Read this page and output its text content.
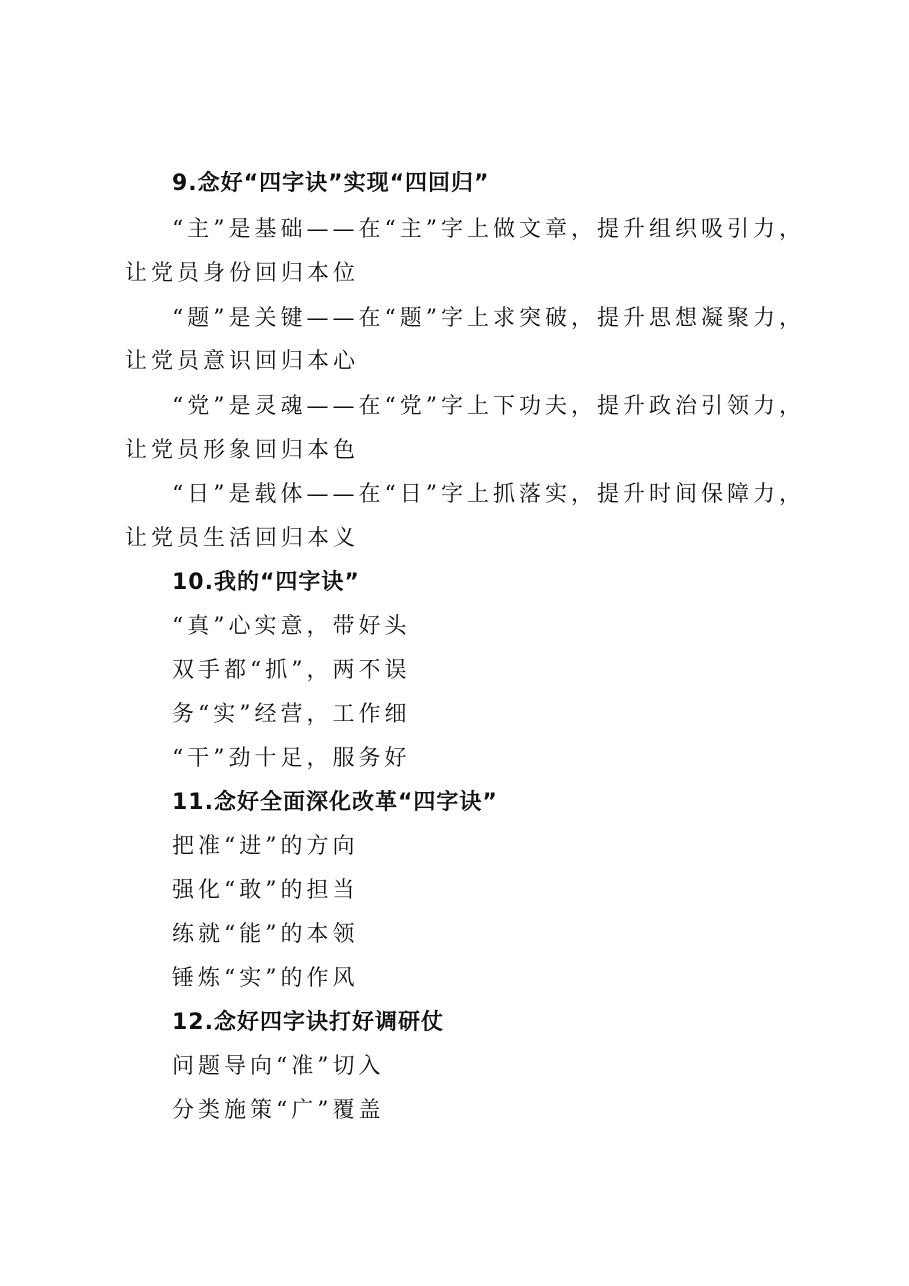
9.念好“四字诀”实现“四回归”
“主”是基础——在“主”字上做文章，提升组织吸引力，
让党员身份回归本位
“题”是关键——在“题”字上求突破，提升思想凝聚力，
让党员意识回归本心
“党”是灵魂——在“党”字上下功夫，提升政治引领力，
让党员形象回归本色
“日”是载体——在“日”字上抓落实，提升时间保障力，
让党员生活回归本义
10.我的“四字诀”
“真”心实意，带好头
双手都“抓”，两不误
务“实”经营，工作细
“干”劲十足，服务好
11.念好全面深化改革“四字诀”
把准“进”的方向
强化“敢”的担当
练就“能”的本领
锤炼“实”的作风
12.念好四字诀打好调研仗
问题导向“准”切入
分类施策“广”覆盖
